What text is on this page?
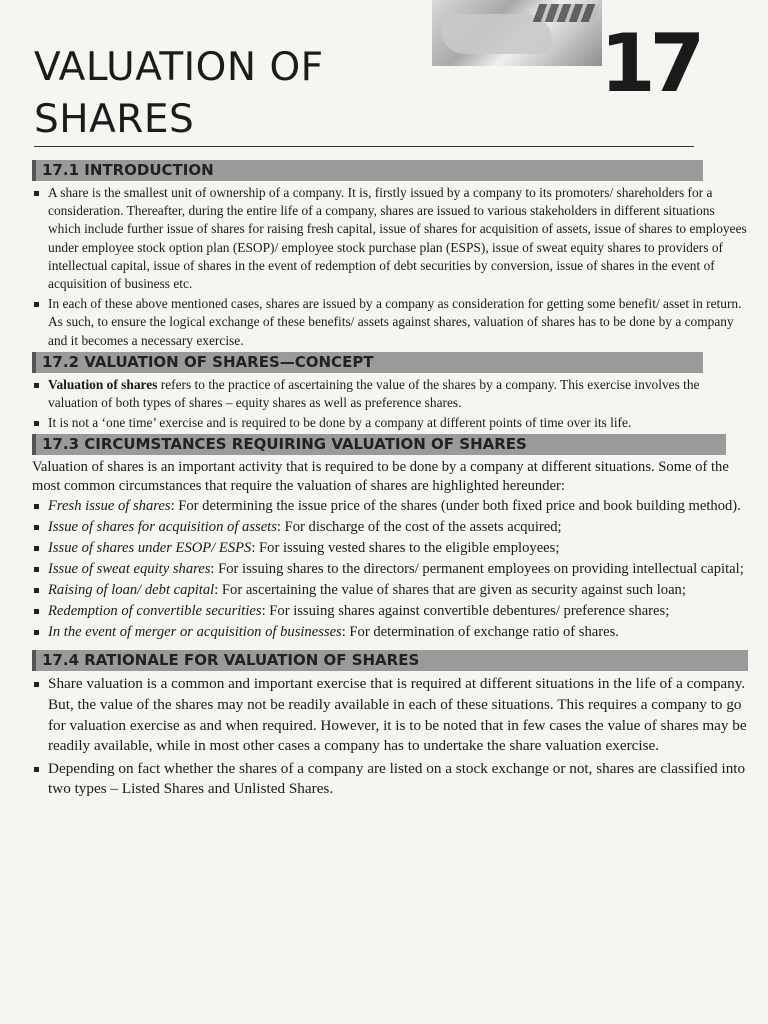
17
VALUATION OF
SHARES
17.1 INTRODUCTION
A share is the smallest unit of ownership of a company. It is, firstly issued by a company to its promoters/ shareholders for a consideration. Thereafter, during the entire life of a company, shares are issued to various stakeholders in different situations which include further issue of shares for raising fresh capital, issue of shares for acquisition of assets, issue of shares to employees under employee stock option plan (ESOP)/ employee stock purchase plan (ESPS), issue of sweat equity shares to providers of intellectual capital, issue of shares in the event of redemption of debt securities by conversion, issue of shares in the event of acquisition of business etc.
In each of these above mentioned cases, shares are issued by a company as consideration for getting some benefit/ asset in return. As such, to ensure the logical exchange of these benefits/ assets against shares, valuation of shares has to be done by a company and it becomes a necessary exercise.
17.2 VALUATION OF SHARES—CONCEPT
Valuation of shares refers to the practice of ascertaining the value of the shares by a company. This exercise involves the valuation of both types of shares – equity shares as well as preference shares.
It is not a ‘one time’ exercise and is required to be done by a company at different points of time over its life.
17.3 CIRCUMSTANCES REQUIRING VALUATION OF SHARES

Valuation of shares is an important activity that is required to be done by a company at different situations. Some of the most common circumstances that require the valuation of shares are highlighted hereunder:

Fresh issue of shares: For determining the issue price of the shares (under both fixed price and book building method).
Issue of shares for acquisition of assets: For discharge of the cost of the assets acquired;
Issue of shares under ESOP/ ESPS: For issuing vested shares to the eligible employees;
Issue of sweat equity shares: For issuing shares to the directors/ permanent employees on providing intellectual capital;
Raising of loan/ debt capital: For ascertaining the value of shares that are given as security against such loan;
Redemption of convertible securities: For issuing shares against convertible debentures/ preference shares;
In the event of merger or acquisition of businesses: For determination of exchange ratio of shares.
17.4 RATIONALE FOR VALUATION OF SHARES
Share valuation is a common and important exercise that is required at different situations in the life of a company. But, the value of the shares may not be readily available in each of these situations. This requires a company to go for valuation exercise as and when required. However, it is to be noted that in few cases the value of shares may be readily available, while in most other cases a company has to undertake the share valuation exercise.
Depending on fact whether the shares of a company are listed on a stock exchange or not, shares are classified into two types – Listed Shares and Unlisted Shares.
